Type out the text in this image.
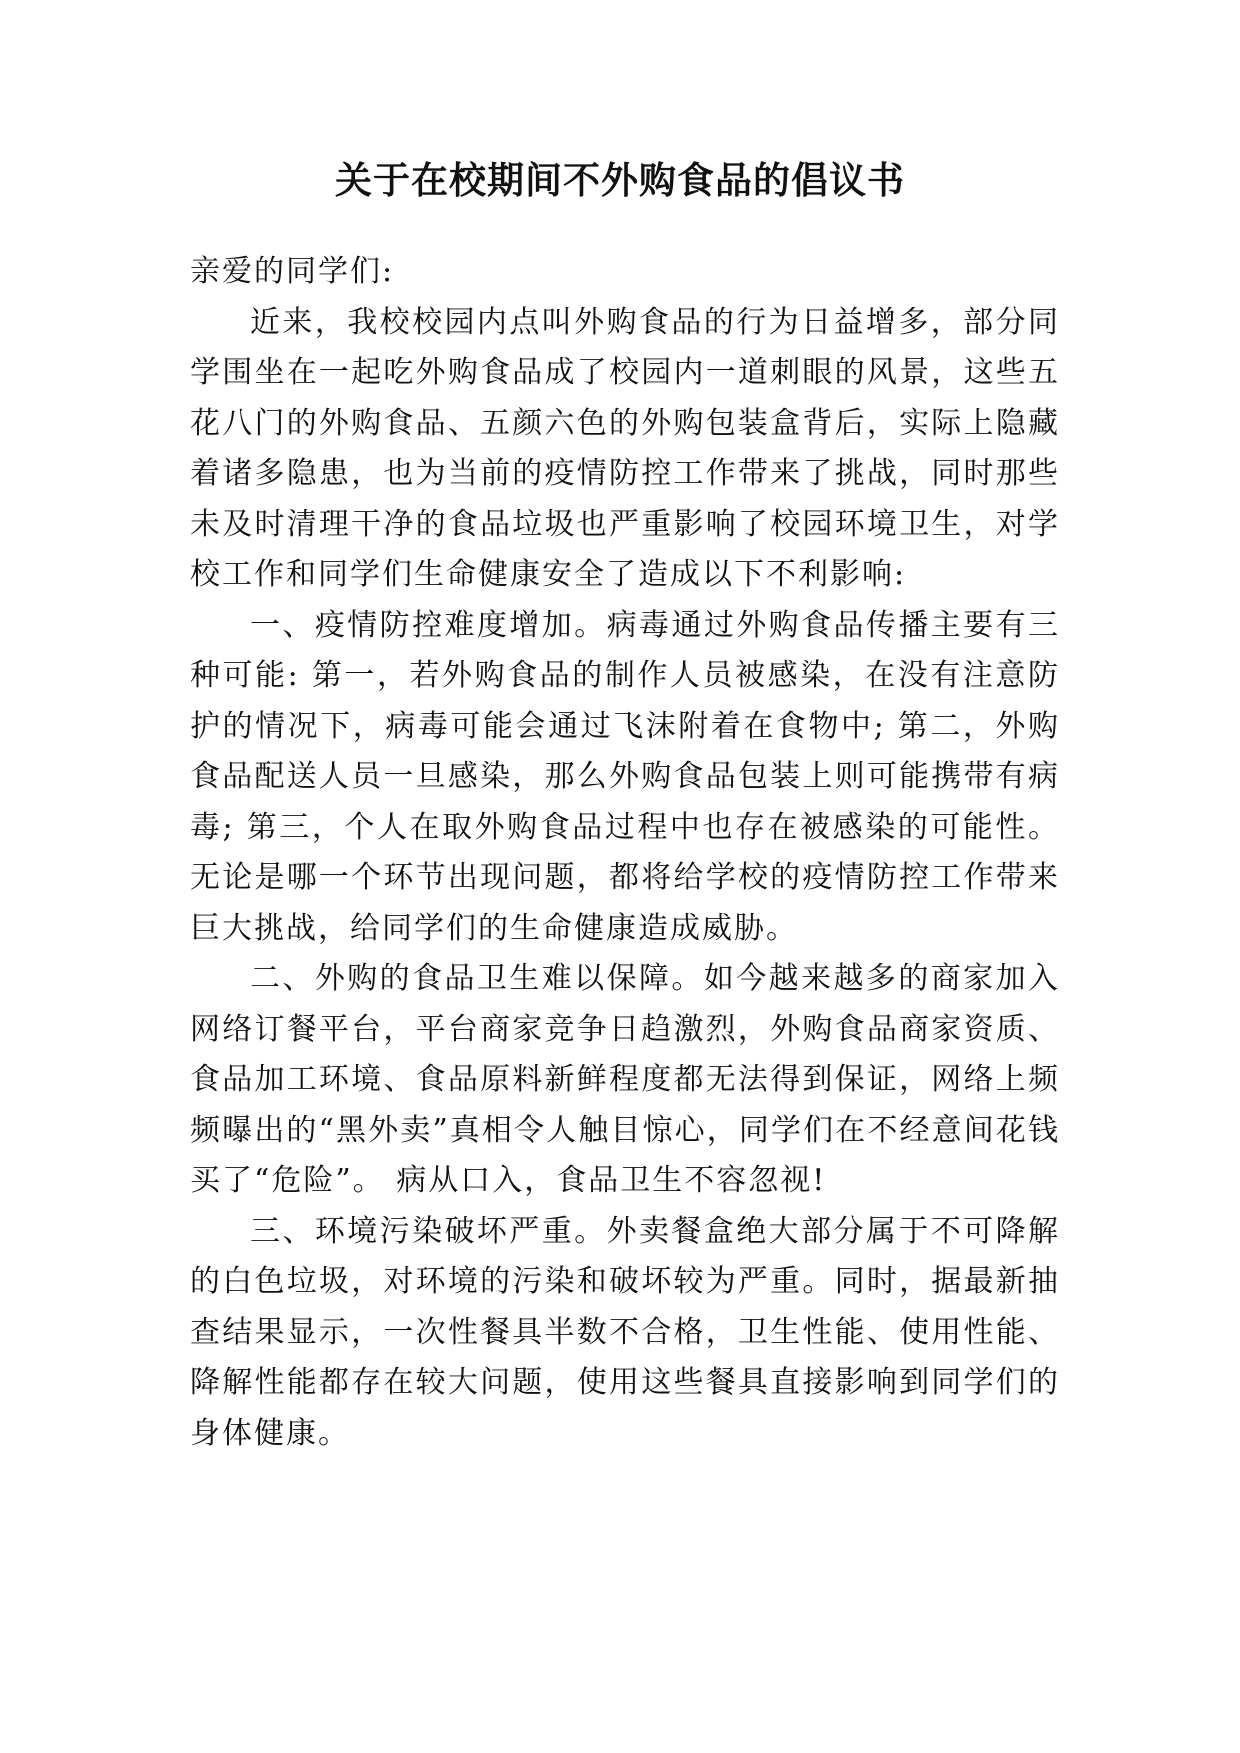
关于在校期间不外购食品的倡议书

亲爱的同学们:

近来，我校校园内点叫外购食品的行为日益增多，部分同学围坐在一起吃外购食品成了校园内一道刺眼的风景，这些五花八门的外购食品、五颜六色的外购包装盒背后，实际上隐藏着诸多隐患，也为当前的疫情防控工作带来了挑战，同时那些未及时清理干净的食品垃圾也严重影响了校园环境卫生，对学校工作和同学们生命健康安全了造成以下不利影响:

一、疫情防控难度增加。病毒通过外购食品传播主要有三种可能: 第一，若外购食品的制作人员被感染，在没有注意防护的情况下，病毒可能会通过飞沫附着在食物中; 第二，外购食品配送人员一旦感染，那么外购食品包装上则可能携带有病毒; 第三，个人在取外购食品过程中也存在被感染的可能性。无论是哪一个环节出现问题，都将给学校的疫情防控工作带来巨大挑战，给同学们的生命健康造成威胁。

二、外购的食品卫生难以保障。如今越来越多的商家加入网络订餐平台，平台商家竞争日趋激烈，外购食品商家资质、食品加工环境、食品原料新鲜程度都无法得到保证，网络上频频曝出的“黑外卖”真相令人触目惊心，同学们在不经意间花钱买了“危险”。 病从口入，食品卫生不容忽视!

三、环境污染破坏严重。外卖餐盒绝大部分属于不可降解的白色垃圾，对环境的污染和破坏较为严重。同时，据最新抽查结果显示，一次性餐具半数不合格，卫生性能、使用性能、降解性能都存在较大问题，使用这些餐具直接影响到同学们的身体健康。
